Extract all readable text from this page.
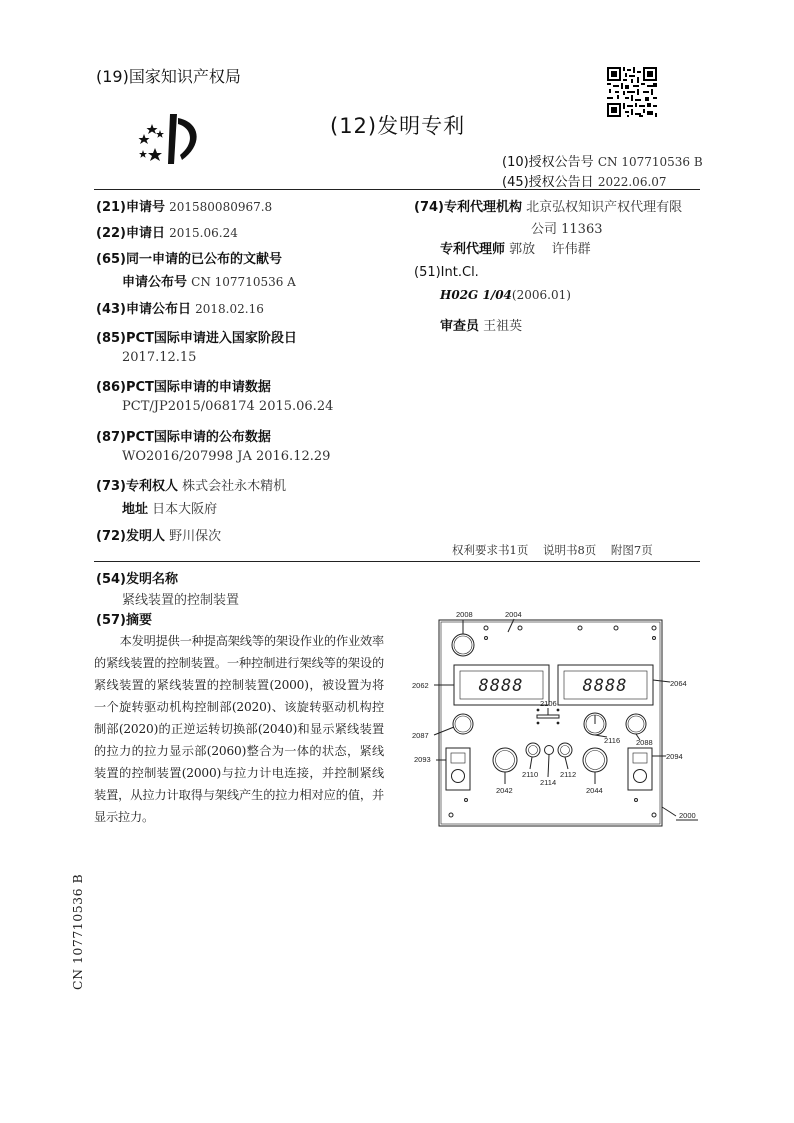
(19)国家知识产权局
(12)发明专利
(10)授权公告号 CN 107710536 B
(45)授权公告日 2022.06.07
(21)申请号 201580080967.8
(22)申请日 2015.06.24
(65)同一申请的已公布的文献号
申请公布号 CN 107710536 A
(43)申请公布日 2018.02.16
(85)PCT国际申请进入国家阶段日
2017.12.15
(86)PCT国际申请的申请数据
PCT/JP2015/068174 2015.06.24
(87)PCT国际申请的公布数据
WO2016/207998 JA 2016.12.29
(73)专利权人 株式会社永木精机
地址 日本大阪府
(72)发明人 野川保次
(74)专利代理机构 北京弘权知识产权代理有限
公司 11363
专利代理师 郭放    许伟群
(51)Int.Cl.
H02G 1/04(2006.01)
审查员 王祖英
权利要求书1页    说明书8页    附图7页
(54)发明名称
紧线装置的控制装置
(57)摘要
本发明提供一种提高架线等的架设作业的作业效率的紧线装置的控制装置。一种控制进行架线等的架设的紧线装置的紧线装置的控制装置(2000)，被设置为将一个旋转驱动机构控制部(2020)、该旋转驱动机构控制部(2020)的正逆运转切换部(2040)和显示紧线装置的拉力的拉力显示部(2060)整合为一体的状态，紧线装置的控制装置(2000)与拉力计电连接，并控制紧线装置，从拉力计取得与架线产生的拉力相对应的值，并显示拉力。
CN 107710536 B
8888	8888
2008	2004
2062	2064
2106
2087
2116 2088
2093	2094
2110	2112
2114
2042	2044
2000
